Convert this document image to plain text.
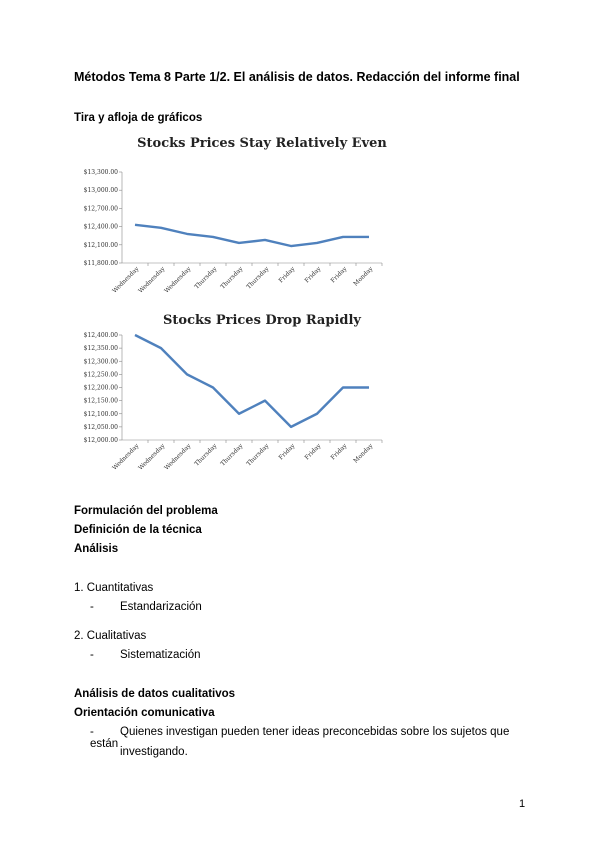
Métodos Tema 8 Parte 1/2. El análisis de datos. Redacción del informe final
Tira y afloja de gráficos
Stocks Prices Stay Relatively Even
$11,800.00
$12,100.00
$12,400.00
$12,700.00
$13,000.00
$13,300.00
Wednesday
Wednesday
Wednesday Thursday Thursday Thursday Friday Friday Friday Monday
Stocks Prices Drop Rapidly
$12,000.00
$12,050.00
$12,100.00
$12,150.00
$12,200.00
$12,250.00
$12,300.00
$12,350.00
$12,400.00
Wednesday
Wednesday
Wednesday Thursday Thursday Thursday Friday Friday Friday Monday
Formulación del problema
Definición de la técnica
Análisis
1. Cuantitativas
- Estandarización
2. Cualitativas
- Sistematización
Análisis de datos cualitativos
Orientación comunicativa
- Quienes investigan pueden tener ideas preconcebidas sobre los sujetos que están
investigando.
1
